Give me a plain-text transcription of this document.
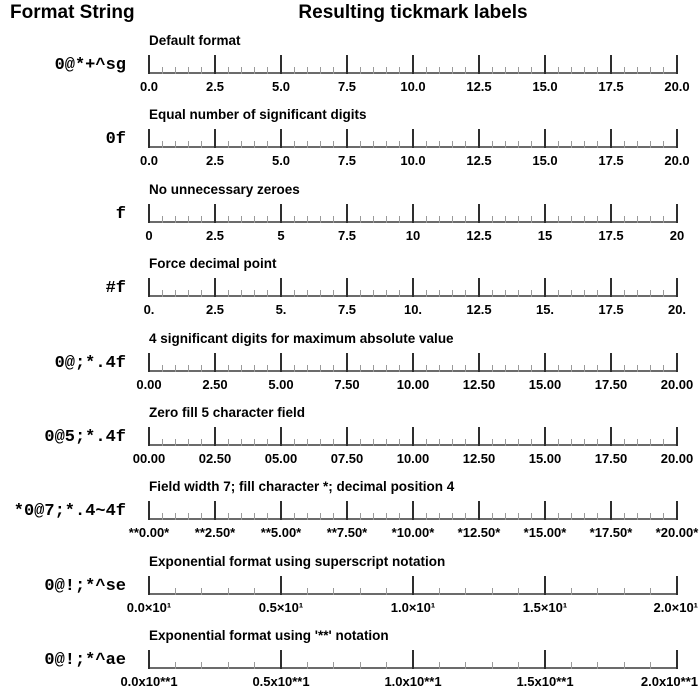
Format String	Resulting tickmark labels
0@*+^sg
Default format
0.0	2.5	5.0	7.5	10.0	12.5	15.0	17.5	20.0
0f
Equal number of significant digits
0.0	2.5	5.0	7.5	10.0	12.5	15.0	17.5	20.0
f
No unnecessary zeroes
0	2.5	5	7.5	10	12.5	15	17.5	20
#f
Force decimal point
0.	2.5	5.	7.5	10.	12.5	15.	17.5	20.
0@;*.4f
4 significant digits for maximum absolute value
0.00	2.50	5.00	7.50	10.00	12.50	15.00	17.50	20.00
0@5;*.4f
Zero fill 5 character field
00.00	02.50	05.00	07.50	10.00	12.50	15.00	17.50	20.00
*0@7;*.4~4f
Field width 7; fill character *; decimal position 4
**0.00* **2.50* **5.00* **7.50* *10.00* *12.50* *15.00* *17.50* *20.00*
0@!;*^se
Exponential format using superscript notation
0.0×10¹	0.5×10¹	1.0×10¹	1.5×10¹	2.0×10¹
0@!;*^ae
Exponential format using '**' notation
0.0x10**1	0.5x10**1	1.0x10**1	1.5x10**1	2.0x10**1
